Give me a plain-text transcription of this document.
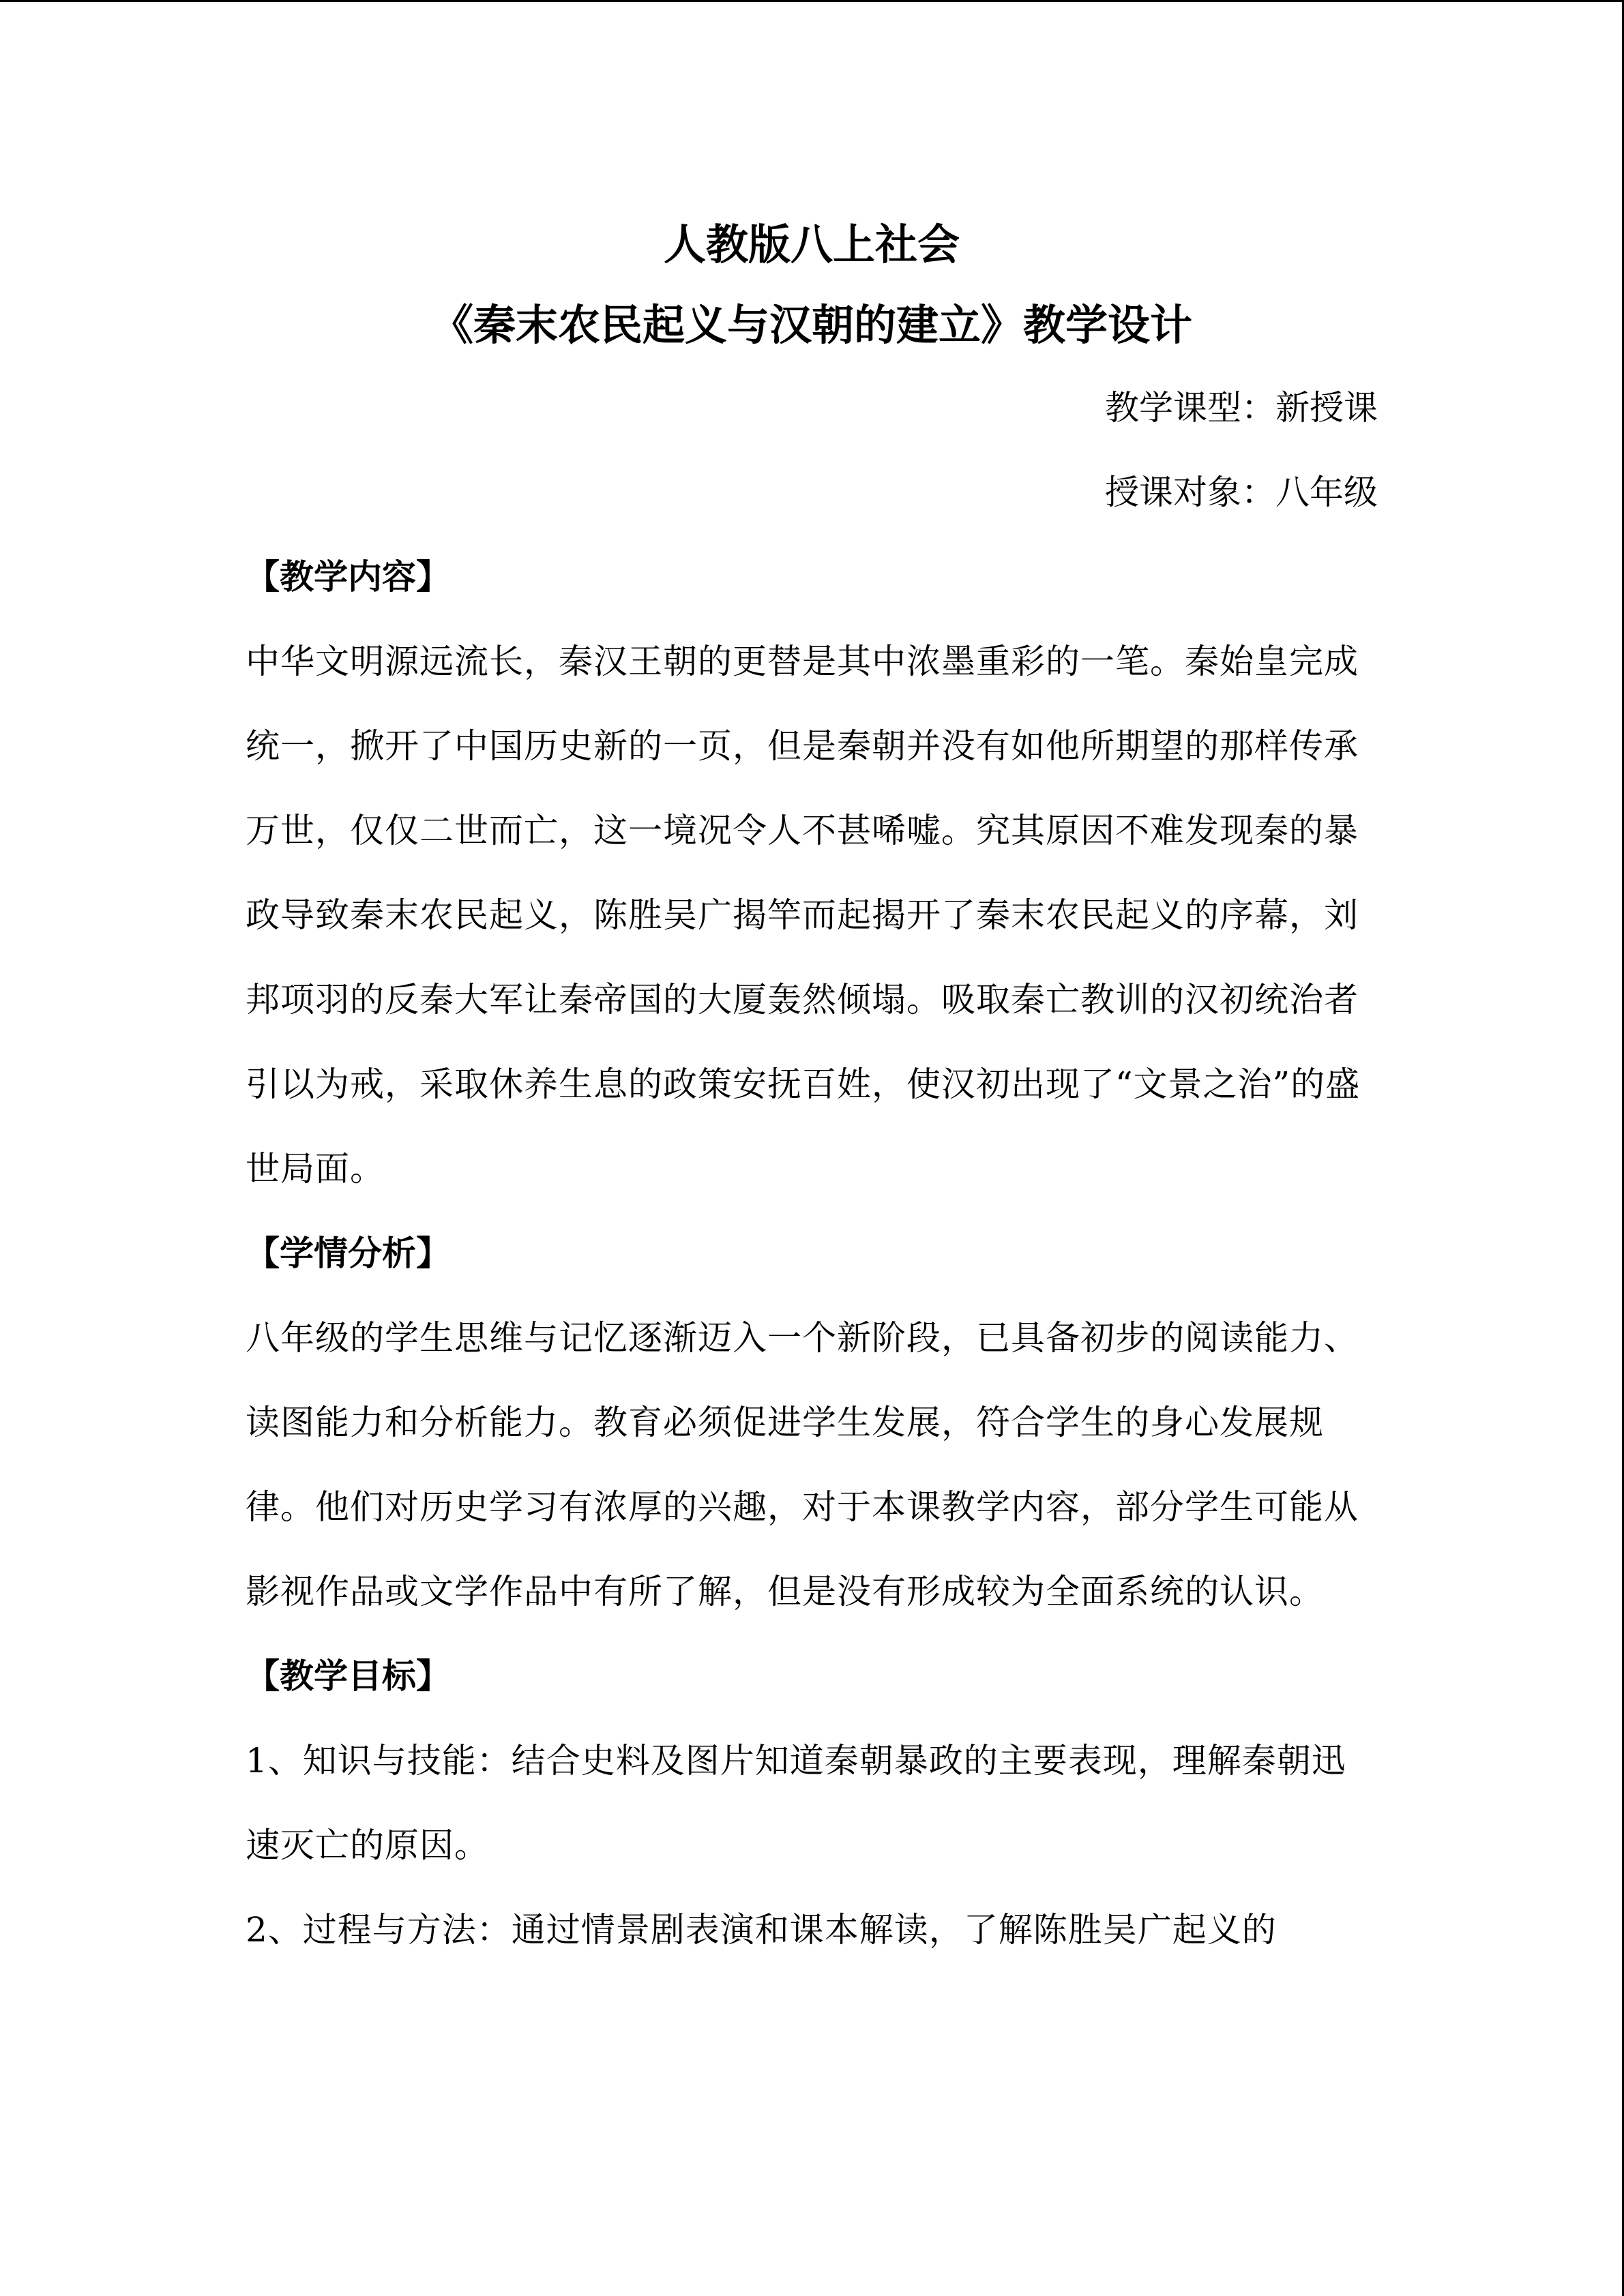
人教版八上社会
《秦末农民起义与汉朝的建立》教学设计

教学课型：新授课

授课对象：八年级

【教学内容】

中华文明源远流长，秦汉王朝的更替是其中浓墨重彩的一笔。秦始皇完成统一，掀开了中国历史新的一页，但是秦朝并没有如他所期望的那样传承万世，仅仅二世而亡，这一境况令人不甚唏嘘。究其原因不难发现秦的暴政导致秦末农民起义，陈胜吴广揭竿而起揭开了秦末农民起义的序幕，刘邦项羽的反秦大军让秦帝国的大厦轰然倾塌。吸取秦亡教训的汉初统治者引以为戒，采取休养生息的政策安抚百姓，使汉初出现了“文景之治”的盛世局面。

【学情分析】

八年级的学生思维与记忆逐渐迈入一个新阶段，已具备初步的阅读能力、读图能力和分析能力。教育必须促进学生发展，符合学生的身心发展规律。他们对历史学习有浓厚的兴趣，对于本课教学内容，部分学生可能从影视作品或文学作品中有所了解，但是没有形成较为全面系统的认识。

【教学目标】

1、知识与技能：结合史料及图片知道秦朝暴政的主要表现，理解秦朝迅速灭亡的原因。

2、过程与方法：通过情景剧表演和课本解读，了解陈胜吴广起义的
